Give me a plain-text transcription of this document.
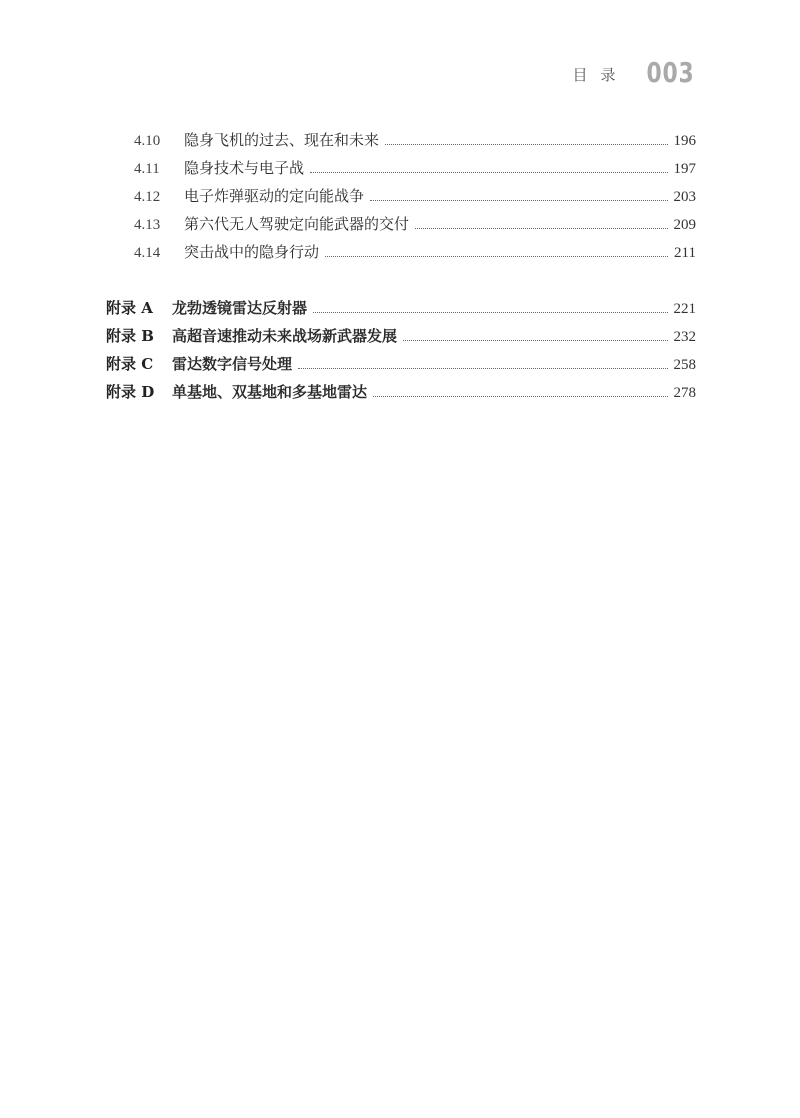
目录 003
4.10	隐身飞机的过去、现在和未来	196
4.11	隐身技术与电子战	197
4.12	电子炸弹驱动的定向能战争	203
4.13	第六代无人驾驶定向能武器的交付	209
4.14	突击战中的隐身行动	211
附录 A	龙勃透镜雷达反射器	221
附录 B	高超音速推动未来战场新武器发展	232
附录 C	雷达数字信号处理	258
附录 D	单基地、双基地和多基地雷达	278
